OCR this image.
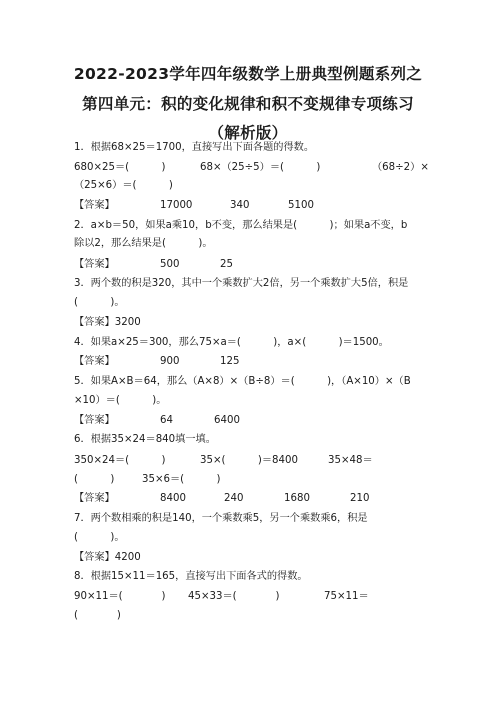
2022-2023学年四年级数学上册典型例题系列之
第四单元：积的变化规律和积不变规律专项练习
（解析版）
1．根据68×25＝1700，直接写出下面各题的得数。

680×25＝(          )

	68×（25÷5）＝(          )

	（68÷2）×

（25×6）＝(          )

【答案】

	17000

	340

	5100

2．a×b＝50，如果a乘10，b不变，那么结果是(          )；如果a不变，b
除以2，那么结果是(          )。

【答案】

	500

	25

3．两个数的积是320，其中一个乘数扩大2倍，另一个乘数扩大5倍，积是
(          )。
【答案】3200
4．如果a×25＝300，那么75×a＝(          )，a×(          )＝1500。

【答案】

	900

	125

5．如果A×B＝64，那么（A×8）×（B÷8）＝(          )，（A×10）×（B
×10）＝(          )。

【答案】

	64

	6400

6．根据35×24＝840填一填。

350×24＝(          )

	35×(          )＝8400

	35×48＝

(          )

	35×6＝(          )

【答案】

	8400

	240

	1680

	210

7．两个数相乘的积是140，一个乘数乘5，另一个乘数乘6，积是
(          )。
【答案】4200
8．根据15×11＝165，直接写出下面各式的得数。

90×11＝(            )

45×33＝(            )

	75×11＝

(            )
